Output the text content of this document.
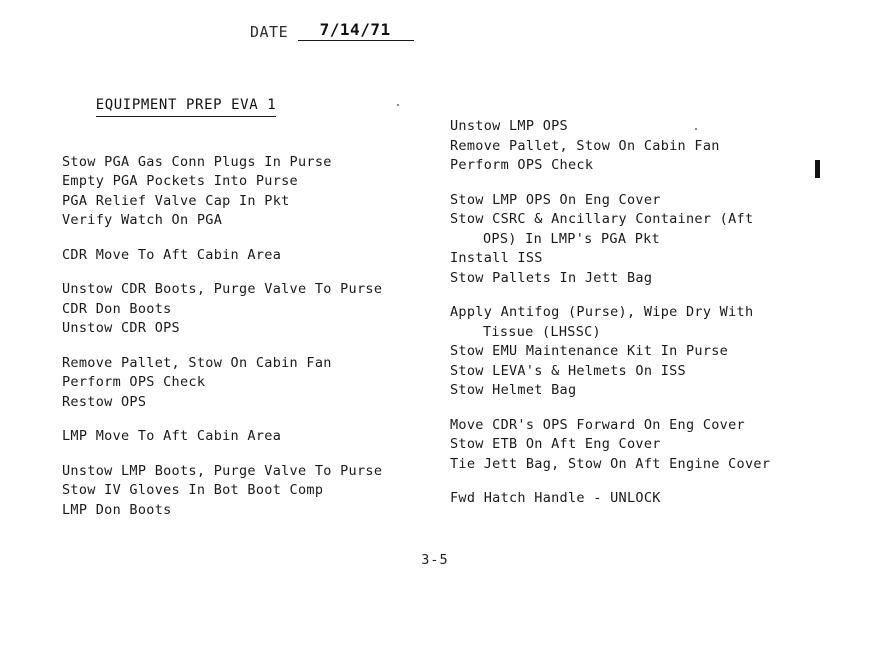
DATE	7/14/71

EQUIPMENT PREP EVA 1

Stow PGA Gas Conn Plugs In Purse
Empty PGA Pockets Into Purse
PGA Relief Valve Cap In Pkt
Verify Watch On PGA
CDR Move To Aft Cabin Area
Unstow CDR Boots, Purge Valve To Purse
CDR Don Boots
Unstow CDR OPS
Remove Pallet, Stow On Cabin Fan
Perform OPS Check
Restow OPS
LMP Move To Aft Cabin Area
Unstow LMP Boots, Purge Valve To Purse
Stow IV Gloves In Bot Boot Comp
LMP Don Boots

Unstow LMP OPS
Remove Pallet, Stow On Cabin Fan
Perform OPS Check
Stow LMP OPS On Eng Cover
Stow CSRC & Ancillary Container (Aft
OPS) In LMP's PGA Pkt
Install ISS
Stow Pallets In Jett Bag
Apply Antifog (Purse), Wipe Dry With
Tissue (LHSSC)
Stow EMU Maintenance Kit In Purse
Stow LEVA's & Helmets On ISS
Stow Helmet Bag
Move CDR's OPS Forward On Eng Cover
Stow ETB On Aft Eng Cover
Tie Jett Bag, Stow On Aft Engine Cover
Fwd Hatch Handle - UNLOCK

3-5
